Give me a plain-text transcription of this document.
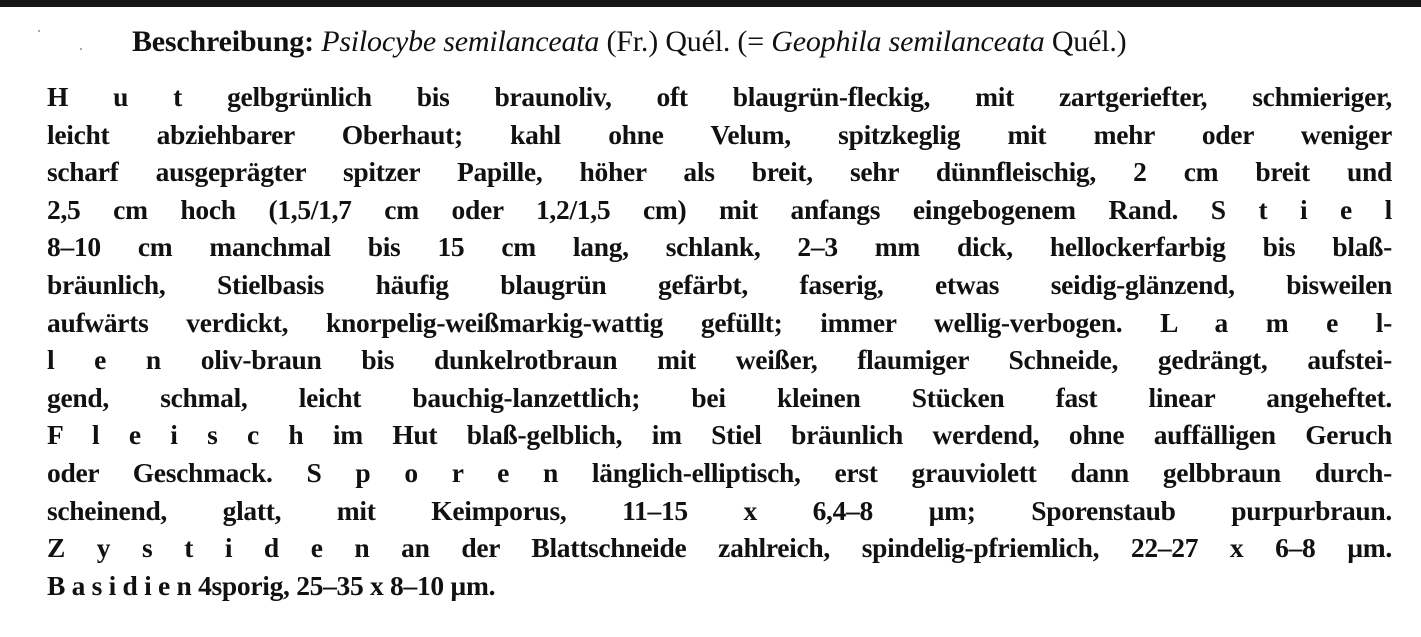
Beschreibung: Psilocybe semilanceata (Fr.) Quél. (= Geophila semilanceata Quél.)
H u t gelbgrünlich bis braunoliv, oft blaugrün-fleckig, mit zartgeriefter, schmieriger,
leicht abziehbarer Oberhaut; kahl ohne Velum, spitzkeglig mit mehr oder weniger
scharf ausgeprägter spitzer Papille, höher als breit, sehr dünnfleischig, 2 cm breit und
2,5 cm hoch (1,5/1,7 cm oder 1,2/1,5 cm) mit anfangs eingebogenem Rand. S t i e l
8–10 cm manchmal bis 15 cm lang, schlank, 2–3 mm dick, hellockerfarbig bis blaß-
bräunlich, Stielbasis häufig blaugrün gefärbt, faserig, etwas seidig-glänzend, bisweilen
aufwärts verdickt, knorpelig-weißmarkig-wattig gefüllt; immer wellig-verbogen. L a m e l-
l e n oliv-braun bis dunkelrotbraun mit weißer, flaumiger Schneide, gedrängt, aufstei-
gend, schmal, leicht bauchig-lanzettlich; bei kleinen Stücken fast linear angeheftet.
F l e i s c h im Hut blaß-gelblich, im Stiel bräunlich werdend, ohne auffälligen Geruch
oder Geschmack. S p o r e n länglich-elliptisch, erst grauviolett dann gelbbraun durch-
scheinend, glatt, mit Keimporus, 11–15 x 6,4–8 µm; Sporenstaub purpurbraun.
Z y s t i d e n an der Blattschneide zahlreich, spindelig-pfriemlich, 22–27 x 6–8 µm.
B a s i d i e n 4sporig, 25–35 x 8–10 µm.
